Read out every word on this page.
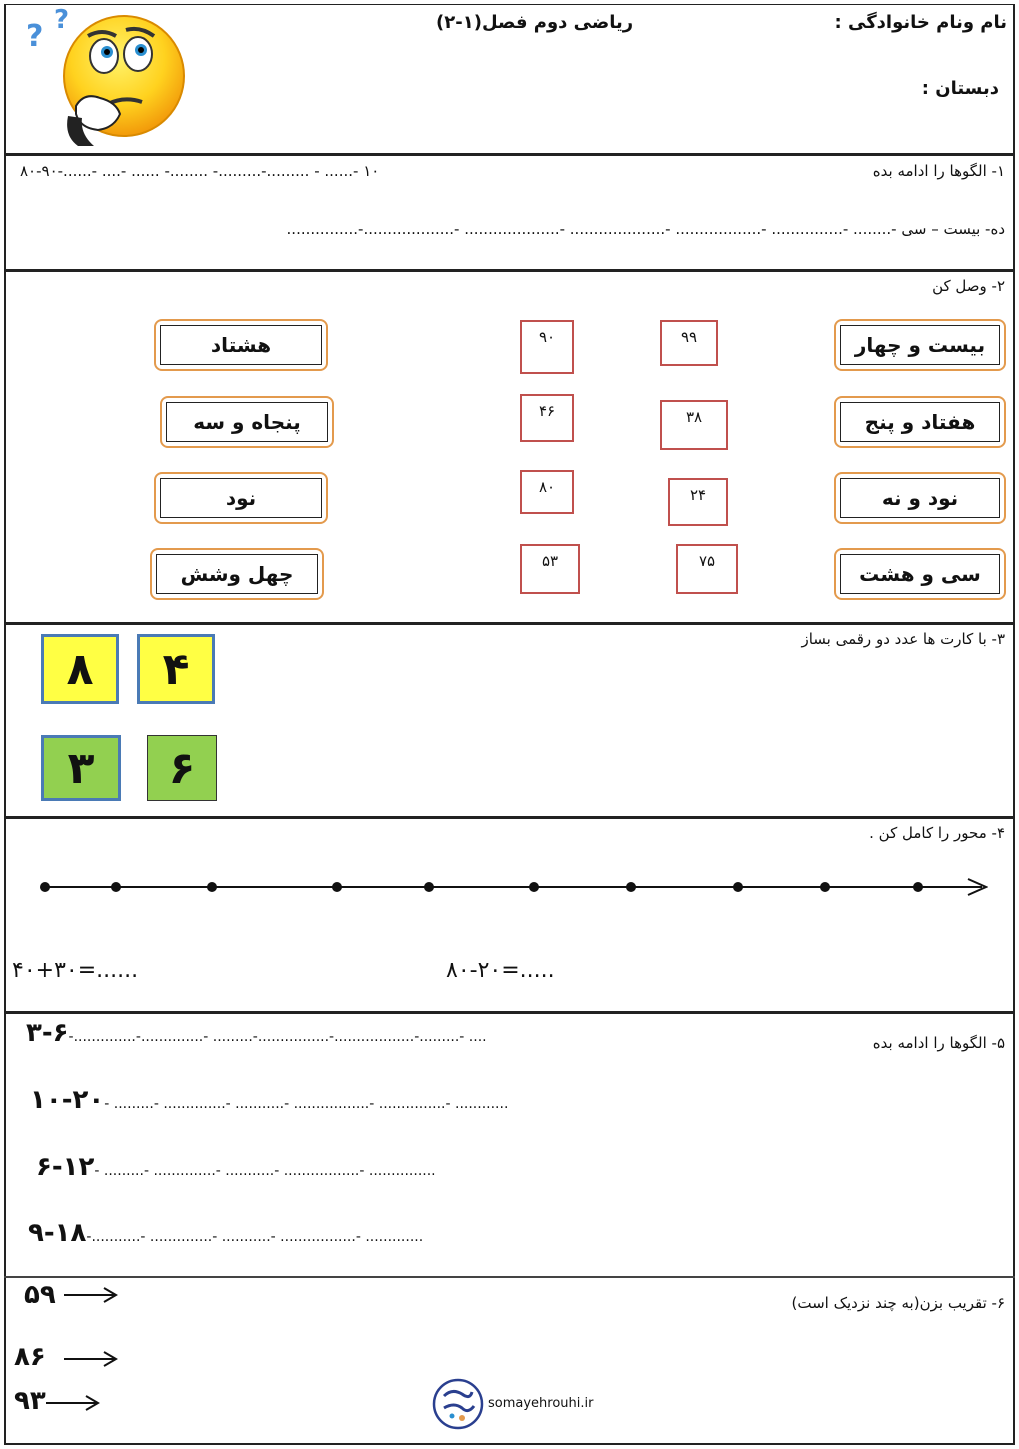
نام ونام خانوادگی :
ریاضی دوم فصل(۱-۲)
دبستان :
? ?
۱- الگوها را ادامه بده
۱۰ -...... - .........-.........- ........- ...... -.... -......-۸۰-۹۰
ده- بیست – سی -........ -............... -.................. -.................... -.................... -...................-...............
۲- وصل کن
بیست و چهار
هفتاد و پنج
نود و نه
سی و هشت
هشتاد
پنجاه و سه
نود
چهل وشش
۹۹
۳۸
۲۴
۷۵
۹۰
۴۶
۸۰
۵۳
۳- با کارت ها عدد دو رقمی بساز
۸	۴
۳	۶
۴- محور را کامل کن .
۴۰+۳۰=......	۸۰-۲۰=.....
۵- الگوها را ادامه بده
۳-۶-..............-..............- .........-................-..................-.........- ....
۱۰-۲۰- .........- ..............- ...........- .................- ...............- ............
۶-۱۲- .........- ..............- ...........- .................- ...............
۹-۱۸-...........- ..............- ...........- .................- .............
۶- تقریب بزن(به چند نزدیک است)
۵۹
۸۶
۹۳	somayehrouhi.ir
